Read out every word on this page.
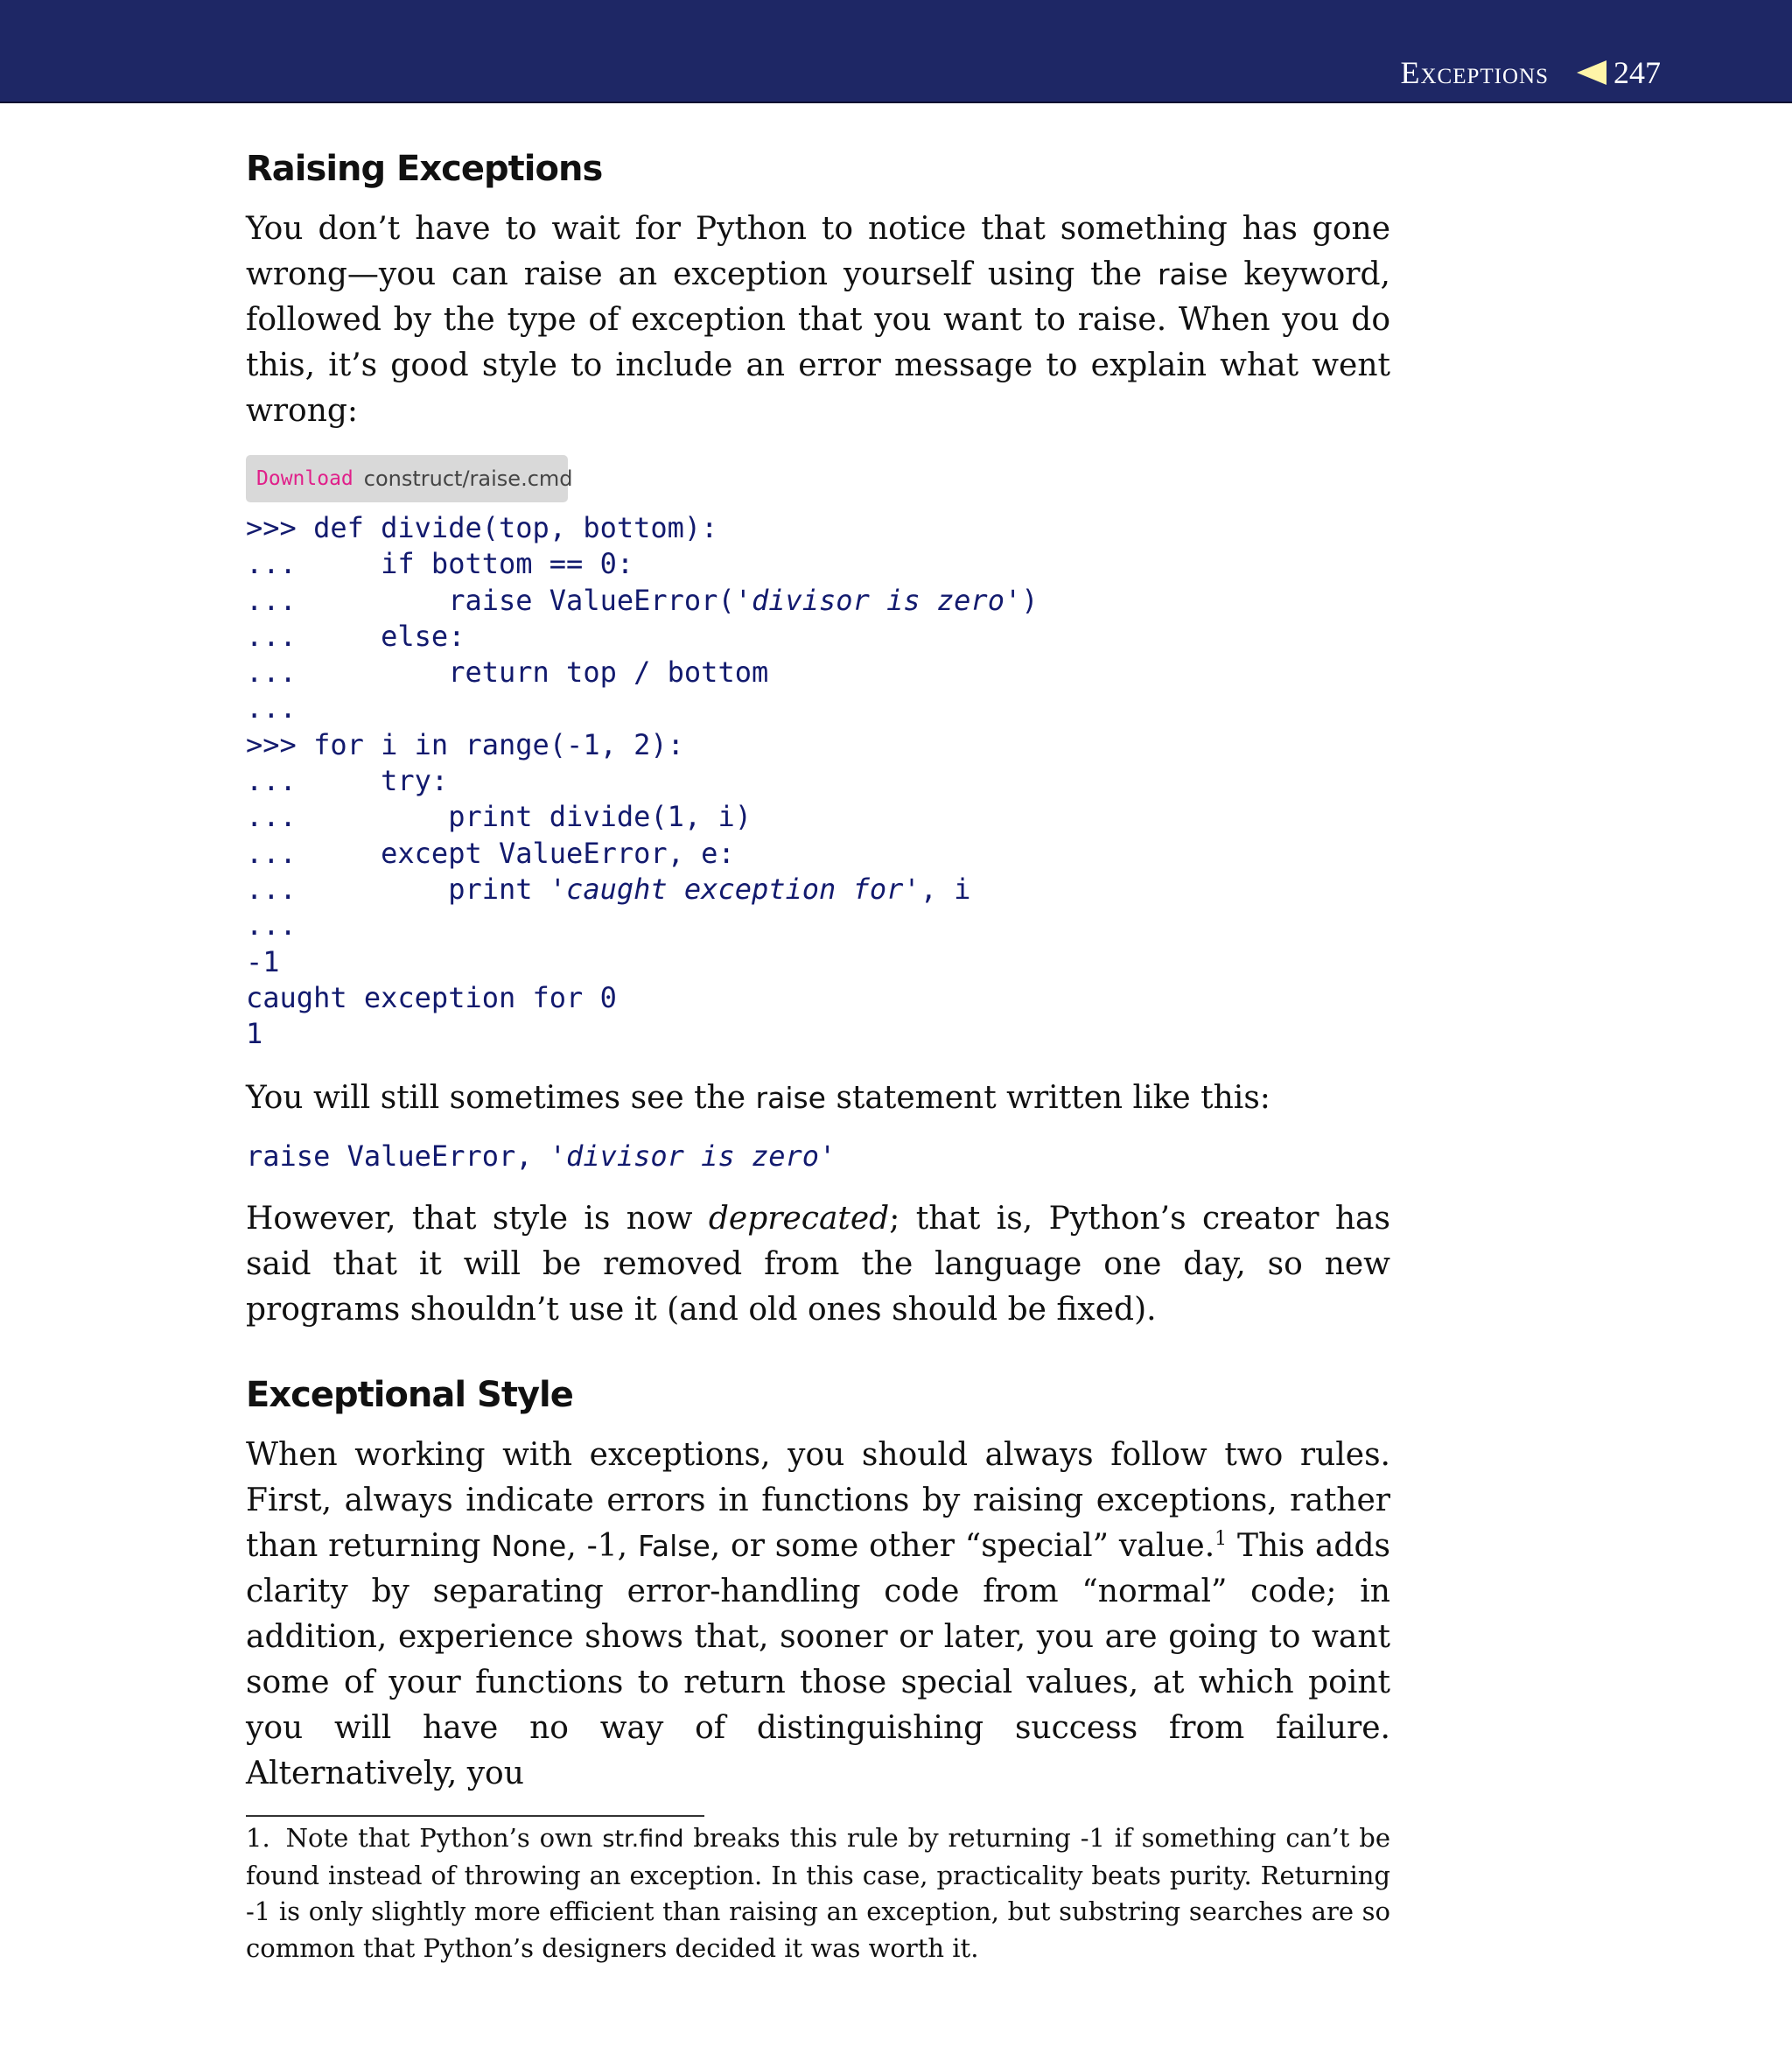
Exceptions 247
Raising Exceptions

You don’t have to wait for Python to notice that something has gone wrong—you can raise an exception yourself using the raise keyword, followed by the type of exception that you want to raise. When you do this, it’s good style to include an error message to explain what went wrong:

Download construct/raise.cmd
>>> def divide(top, bottom):
...     if bottom == 0:
...         raise ValueError('divisor is zero')
...     else:
...         return top / bottom
...
>>> for i in range(-1, 2):
...     try:
...         print divide(1, i)
...     except ValueError, e:
...         print 'caught exception for', i
...
-1
caught exception for 0
1

You will still sometimes see the raise statement written like this:

raise ValueError, 'divisor is zero'

However, that style is now deprecated; that is, Python’s creator has said that it will be removed from the language one day, so new programs shouldn’t use it (and old ones should be fixed).

Exceptional Style

When working with exceptions, you should always follow two rules. First, always indicate errors in functions by raising exceptions, rather than returning None, -1, False, or some other “special” value.$^1$ This adds clarity by separating error-handling code from “normal” code; in addition, experience shows that, sooner or later, you are going to want some of your functions to return those special values, at which point you will have no way of distinguishing success from failure. Alternatively, you

1. Note that Python’s own str.find breaks this rule by returning -1 if something can’t be found instead of throwing an exception. In this case, practicality beats purity. Returning -1 is only slightly more efficient than raising an exception, but substring searches are so common that Python’s designers decided it was worth it.
